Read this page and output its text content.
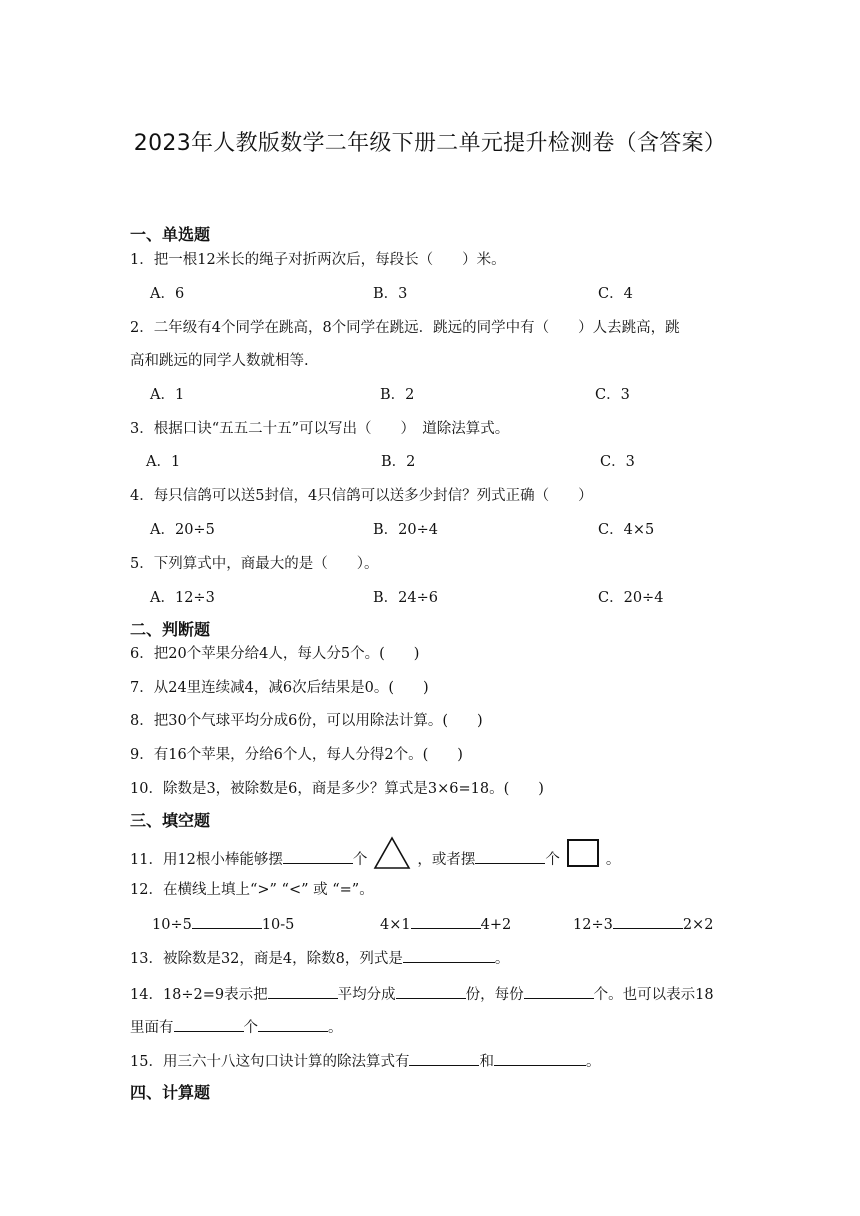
2023年人教版数学二年级下册二单元提升检测卷（含答案）
一、单选题
1．把一根12米长的绳子对折两次后，每段长（　　）米。
A．6	B．3	C．4
2．二年级有4个同学在跳高，8个同学在跳远．跳远的同学中有（　　）人去跳高，跳
高和跳远的同学人数就相等.
A．1	B．2	C．3
3．根据口诀“五五二十五”可以写出（　　）　道除法算式。
A．1	B．2	C．3
4．每只信鸽可以送5封信，4只信鸽可以送多少封信？列式正确（　　）
A．20÷5	B．20÷4	C．4×5
5．下列算式中，商最大的是（　　）。
A．12÷3	B．24÷6	C．20÷4
二、判断题
6．把20个苹果分给4人，每人分5个。(　　)
7．从24里连续减4，减6次后结果是0。(　　)
8．把30个气球平均分成6份，可以用除法计算。(　　)
9．有16个苹果，分给6个人，每人分得2个。(　　)
10．除数是3，被除数是6，商是多少？算式是3×6=18。(　　)
三、填空题
11．用12根小棒能够摆	个	，或者摆	个	。
12．在横线上填上“>” “<” 或 “=”。
10÷5	10-5	4×1	4+2	12÷3	2×2
13．被除数是32，商是4，除数8，列式是	。
14．18÷2=9表示把	平均分成	份，每份	个。也可以表示18
里面有	个	。
15．用三六十八这句口诀计算的除法算式有	和	。
四、计算题
